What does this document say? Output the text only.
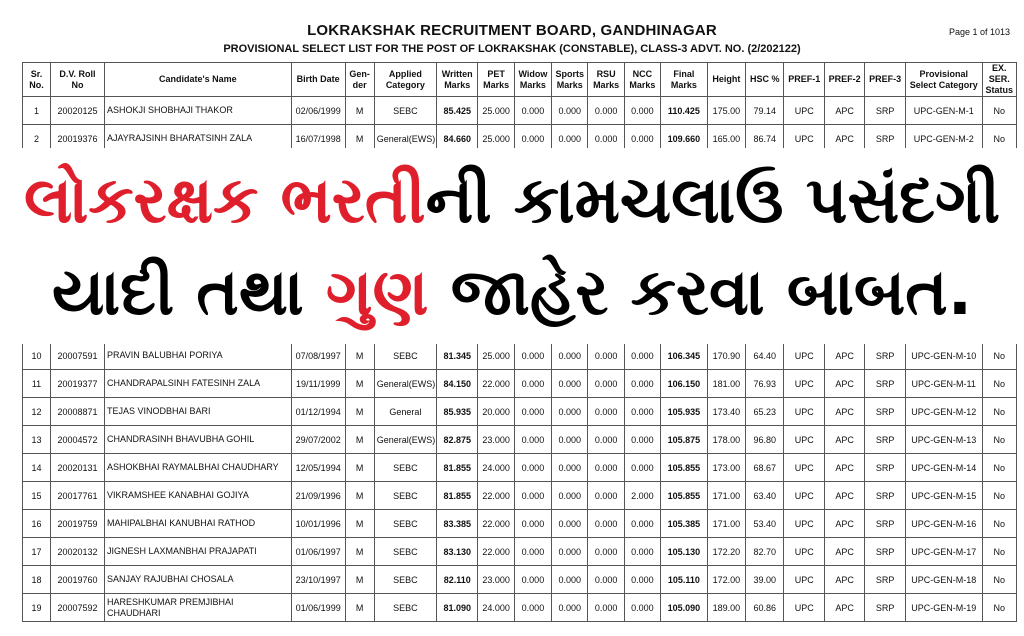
Page 1 of 1013
LOKRAKSHAK RECRUITMENT BOARD, GANDHINAGAR
PROVISIONAL SELECT LIST FOR THE POST OF LOKRAKSHAK (CONSTABLE), CLASS-3 ADVT. NO. (2/202122)
Sr. No.	D.V. Roll No	Candidate's Name	Birth Date	Gen-der	Applied Category	Written Marks	PET Marks	Widow Marks	Sports Marks	RSU Marks	NCC Marks	Final Marks	Height	HSC %	PREF-1	PREF-2	PREF-3	Provisional Select Category	EX. SER. Status
1	20020125	ASHOKJI SHOBHAJI THAKOR	02/06/1999	M	SEBC	85.425	25.000	0.000	0.000	0.000	0.000	110.425	175.00	79.14	UPC	APC	SRP	UPC-GEN-M-1	No
2	20019376	AJAYRAJSINH BHARATSINH ZALA	16/07/1998	M	General(EWS)	84.660	25.000	0.000	0.000	0.000	0.000	109.660	165.00	86.74	UPC	APC	SRP	UPC-GEN-M-2	No
લોકરક્ષક ભરતીની કામચલાઉ પસંદગી
યાદી તથા ગુણ જાહેર કરવા બાબત.
10	20007591	PRAVIN BALUBHAI PORIYA	07/08/1997	M	SEBC	81.345	25.000	0.000	0.000	0.000	0.000	106.345	170.90	64.40	UPC	APC	SRP	UPC-GEN-M-10	No
11	20019377	CHANDRAPALSINH FATESINH ZALA	19/11/1999	M	General(EWS)	84.150	22.000	0.000	0.000	0.000	0.000	106.150	181.00	76.93	UPC	APC	SRP	UPC-GEN-M-11	No
12	20008871	TEJAS VINODBHAI BARI	01/12/1994	M	General	85.935	20.000	0.000	0.000	0.000	0.000	105.935	173.40	65.23	UPC	APC	SRP	UPC-GEN-M-12	No
13	20004572	CHANDRASINH BHAVUBHA GOHIL	29/07/2002	M	General(EWS)	82.875	23.000	0.000	0.000	0.000	0.000	105.875	178.00	96.80	UPC	APC	SRP	UPC-GEN-M-13	No
14	20020131	ASHOKBHAI RAYMALBHAI CHAUDHARY	12/05/1994	M	SEBC	81.855	24.000	0.000	0.000	0.000	0.000	105.855	173.00	68.67	UPC	APC	SRP	UPC-GEN-M-14	No
15	20017761	VIKRAMSHEE KANABHAI GOJIYA	21/09/1996	M	SEBC	81.855	22.000	0.000	0.000	0.000	2.000	105.855	171.00	63.40	UPC	APC	SRP	UPC-GEN-M-15	No
16	20019759	MAHIPALBHAI KANUBHAI RATHOD	10/01/1996	M	SEBC	83.385	22.000	0.000	0.000	0.000	0.000	105.385	171.00	53.40	UPC	APC	SRP	UPC-GEN-M-16	No
17	20020132	JIGNESH LAXMANBHAI PRAJAPATI	01/06/1997	M	SEBC	83.130	22.000	0.000	0.000	0.000	0.000	105.130	172.20	82.70	UPC	APC	SRP	UPC-GEN-M-17	No
18	20019760	SANJAY RAJUBHAI CHOSALA	23/10/1997	M	SEBC	82.110	23.000	0.000	0.000	0.000	0.000	105.110	172.00	39.00	UPC	APC	SRP	UPC-GEN-M-18	No
19	20007592	HARESHKUMAR PREMJIBHAI CHAUDHARI	01/06/1999	M	SEBC	81.090	24.000	0.000	0.000	0.000	0.000	105.090	189.00	60.86	UPC	APC	SRP	UPC-GEN-M-19	No
